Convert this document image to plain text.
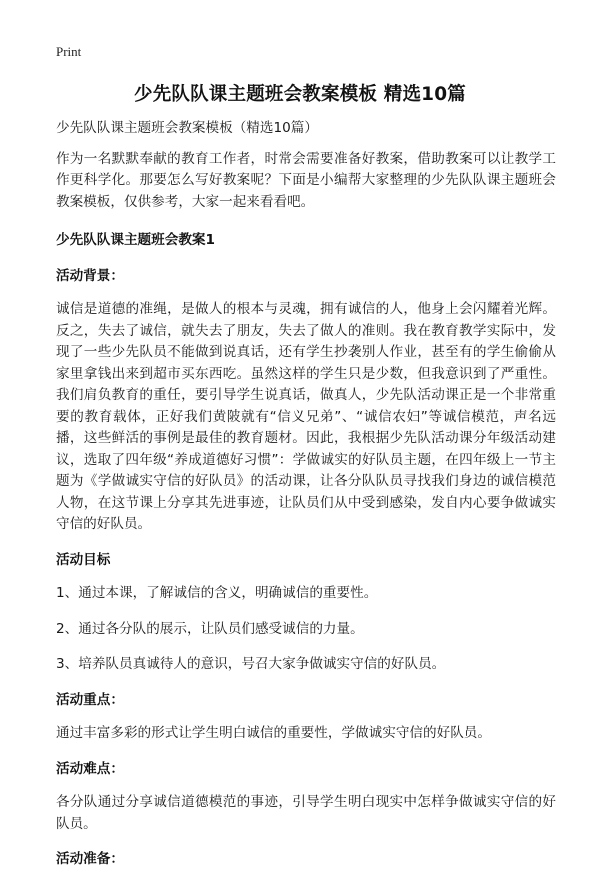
Print
少先队队课主题班会教案模板 精选10篇

少先队队课主题班会教案模板（精选10篇）

作为一名默默奉献的教育工作者，时常会需要准备好教案，借助教案可以让教学工作更科学化。那要怎么写好教案呢？下面是小编帮大家整理的少先队队课主题班会教案模板，仅供参考，大家一起来看看吧。

少先队队课主题班会教案1
活动背景：

诚信是道德的准绳，是做人的根本与灵魂，拥有诚信的人，他身上会闪耀着光辉。反之，失去了诚信，就失去了朋友，失去了做人的准则。我在教育教学实际中，发现了一些少先队员不能做到说真话，还有学生抄袭别人作业，甚至有的学生偷偷从家里拿钱出来到超市买东西吃。虽然这样的学生只是少数，但我意识到了严重性。我们肩负教育的重任，要引导学生说真话，做真人，少先队活动课正是一个非常重要的教育载体，正好我们黄陂就有“信义兄弟”、“诚信农妇”等诚信模范，声名远播，这些鲜活的事例是最佳的教育题材。因此，我根据少先队活动课分年级活动建议，选取了四年级“养成道德好习惯”：学做诚实的好队员主题，在四年级上一节主题为《学做诚实守信的好队员》的活动课，让各分队队员寻找我们身边的诚信模范人物，在这节课上分享其先进事迹，让队员们从中受到感染，发自内心要争做诚实守信的好队员。

活动目标

1、通过本课，了解诚信的含义，明确诚信的重要性。

2、通过各分队的展示，让队员们感受诚信的力量。

3、培养队员真诚待人的意识，号召大家争做诚实守信的好队员。

活动重点：

通过丰富多彩的形式让学生明白诚信的重要性，学做诚实守信的好队员。

活动难点：

各分队通过分享诚信道德模范的事迹，引导学生明白现实中怎样争做诚实守信的好队员。

活动准备：
